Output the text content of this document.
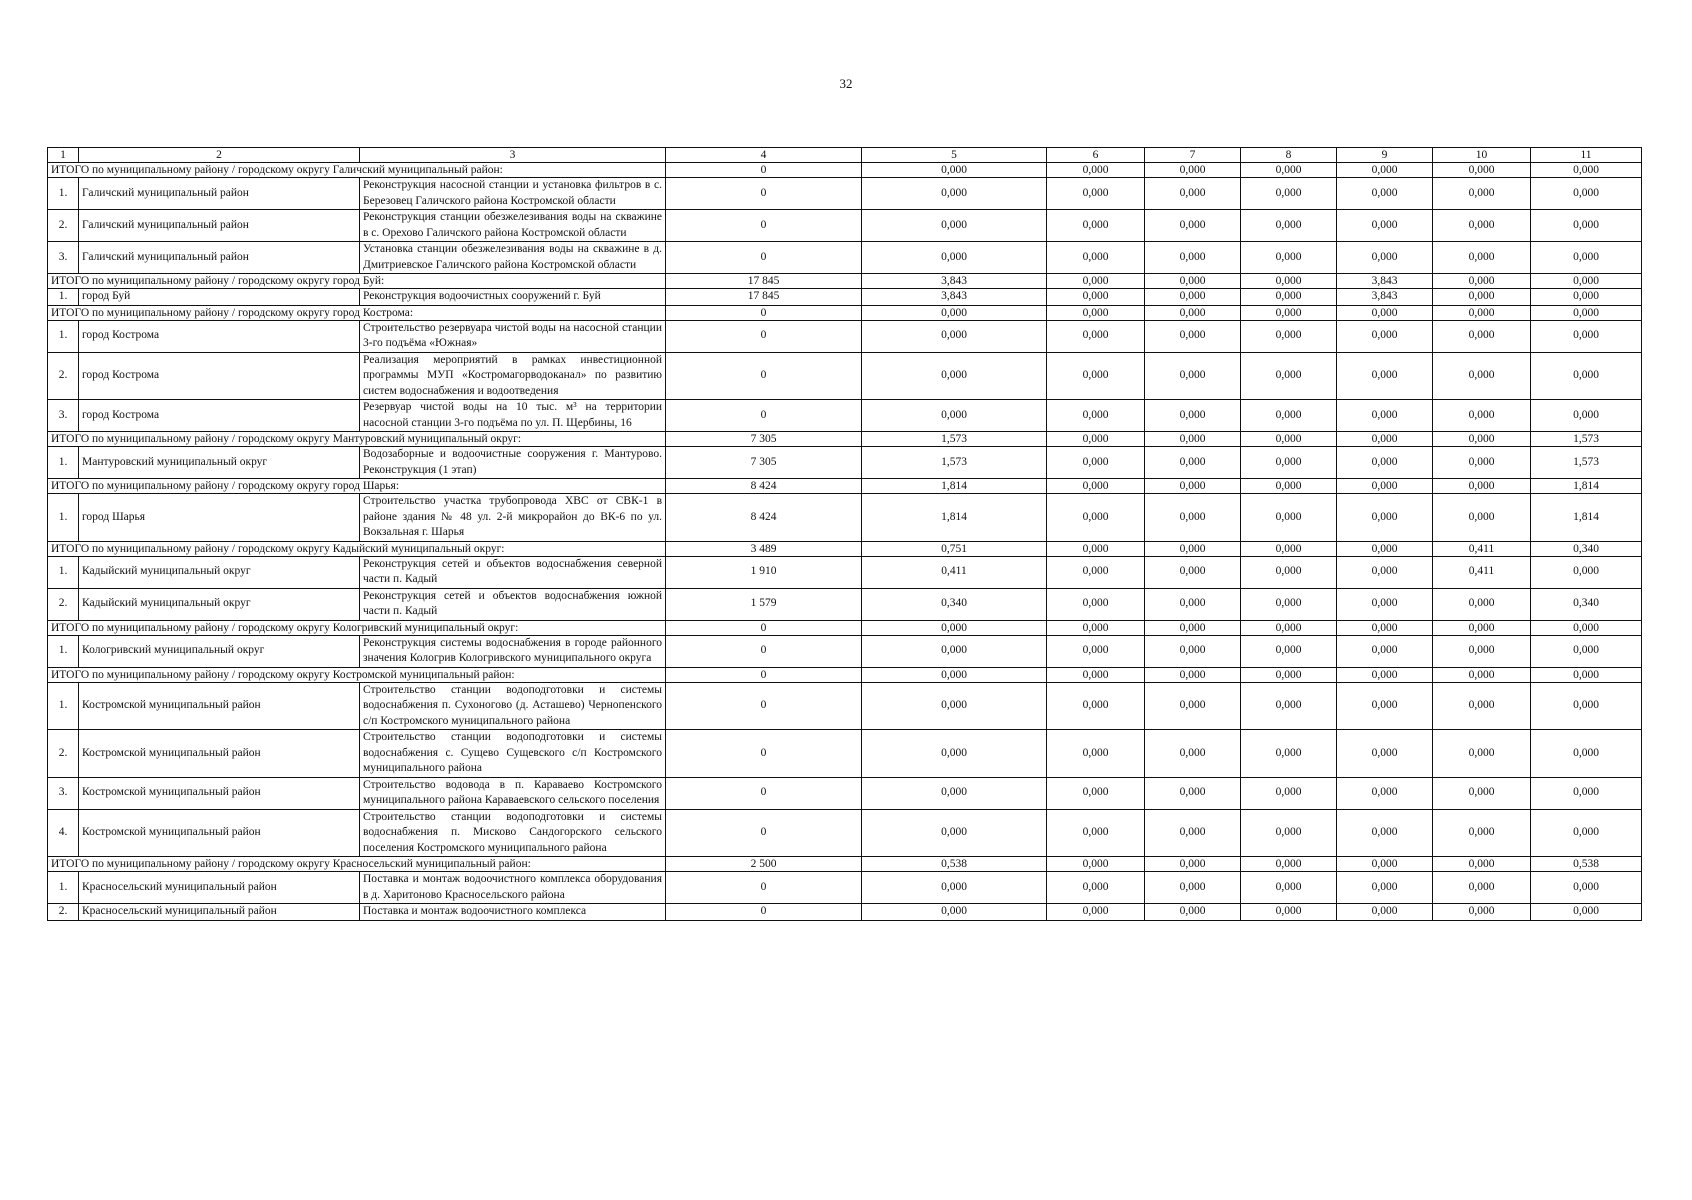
32
1	2	3	4	5	6	7	8	9	10	11
ИТОГО по муниципальному району / городскому округу Галичский муниципальный район:			0	0,000	0,000	0,000	0,000	0,000	0,000	0,000
1.	Галичский муниципальный район	Реконструкция насосной станции и установка фильтров в с. Березовец Галичского района Костромской области	0	0,000	0,000	0,000	0,000	0,000	0,000	0,000
2.	Галичский муниципальный район	Реконструкция станции обезжелезивания воды на скважине в с. Орехово Галичского района Костромской области	0	0,000	0,000	0,000	0,000	0,000	0,000	0,000
3.	Галичский муниципальный район	Установка станции обезжелезивания воды на скважине в д. Дмитриевское Галичского района Костромской области	0	0,000	0,000	0,000	0,000	0,000	0,000	0,000
ИТОГО по муниципальному району / городскому округу город Буй:			17 845	3,843	0,000	0,000	0,000	3,843	0,000	0,000
1.	город Буй	Реконструкция водоочистных сооружений г. Буй	17 845	3,843	0,000	0,000	0,000	3,843	0,000	0,000
ИТОГО по муниципальному району / городскому округу город Кострома:			0	0,000	0,000	0,000	0,000	0,000	0,000	0,000
1.	город Кострома	Строительство резервуара чистой воды на насосной станции 3-го подъёма «Южная»	0	0,000	0,000	0,000	0,000	0,000	0,000	0,000
2.	город Кострома	Реализация мероприятий в рамках инвестиционной программы МУП «Костромагорводоканал» по развитию систем водоснабжения и водоотведения	0	0,000	0,000	0,000	0,000	0,000	0,000	0,000
3.	город Кострома	Резервуар чистой воды на 10 тыс. м³ на территории насосной станции 3-го подъёма по ул. П. Щербины, 16	0	0,000	0,000	0,000	0,000	0,000	0,000	0,000
ИТОГО по муниципальному району / городскому округу Мантуровский муниципальный округ:			7 305	1,573	0,000	0,000	0,000	0,000	0,000	1,573
1.	Мантуровский муниципальный округ	Водозаборные и водоочистные сооружения г. Мантурово. Реконструкция (1 этап)	7 305	1,573	0,000	0,000	0,000	0,000	0,000	1,573
ИТОГО по муниципальному району / городскому округу город Шарья:			8 424	1,814	0,000	0,000	0,000	0,000	0,000	1,814
1.	город Шарья	Строительство участка трубопровода ХВС от СВК-1 в районе здания № 48 ул. 2-й микрорайон до ВК-6 по ул. Вокзальная г. Шарья	8 424	1,814	0,000	0,000	0,000	0,000	0,000	1,814
ИТОГО по муниципальному району / городскому округу Кадыйский муниципальный округ:			3 489	0,751	0,000	0,000	0,000	0,000	0,411	0,340
1.	Кадыйский муниципальный округ	Реконструкция сетей и объектов водоснабжения северной части п. Кадый	1 910	0,411	0,000	0,000	0,000	0,000	0,411	0,000
2.	Кадыйский муниципальный округ	Реконструкция сетей и объектов водоснабжения южной части п. Кадый	1 579	0,340	0,000	0,000	0,000	0,000	0,000	0,340
ИТОГО по муниципальному району / городскому округу Кологривский муниципальный округ:			0	0,000	0,000	0,000	0,000	0,000	0,000	0,000
1.	Кологривский муниципальный округ	Реконструкция системы водоснабжения в городе районного значения Кологрив Кологривского муниципального округа	0	0,000	0,000	0,000	0,000	0,000	0,000	0,000
ИТОГО по муниципальному району / городскому округу Костромской муниципальный район:			0	0,000	0,000	0,000	0,000	0,000	0,000	0,000
1.	Костромской муниципальный район	Строительство станции водоподготовки и системы водоснабжения п. Сухоногово (д. Асташево) Чернопенского с/п Костромского муниципального района	0	0,000	0,000	0,000	0,000	0,000	0,000	0,000
2.	Костромской муниципальный район	Строительство станции водоподготовки и системы водоснабжения с. Сущево Сущевского с/п Костромского муниципального района	0	0,000	0,000	0,000	0,000	0,000	0,000	0,000
3.	Костромской муниципальный район	Строительство водовода в п. Караваево Костромского муниципального района Караваевского сельского поселения	0	0,000	0,000	0,000	0,000	0,000	0,000	0,000
4.	Костромской муниципальный район	Строительство станции водоподготовки и системы водоснабжения п. Мисково Сандогорского сельского поселения Костромского муниципального района	0	0,000	0,000	0,000	0,000	0,000	0,000	0,000
ИТОГО по муниципальному району / городскому округу Красносельский муниципальный район:			2 500	0,538	0,000	0,000	0,000	0,000	0,000	0,538
1.	Красносельский муниципальный район	Поставка и монтаж водоочистного комплекса оборудования в д. Харитоново Красносельского района	0	0,000	0,000	0,000	0,000	0,000	0,000	0,000
2.	Красносельский муниципальный район	Поставка и монтаж водоочистного комплекса	0	0,000	0,000	0,000	0,000	0,000	0,000	0,000
